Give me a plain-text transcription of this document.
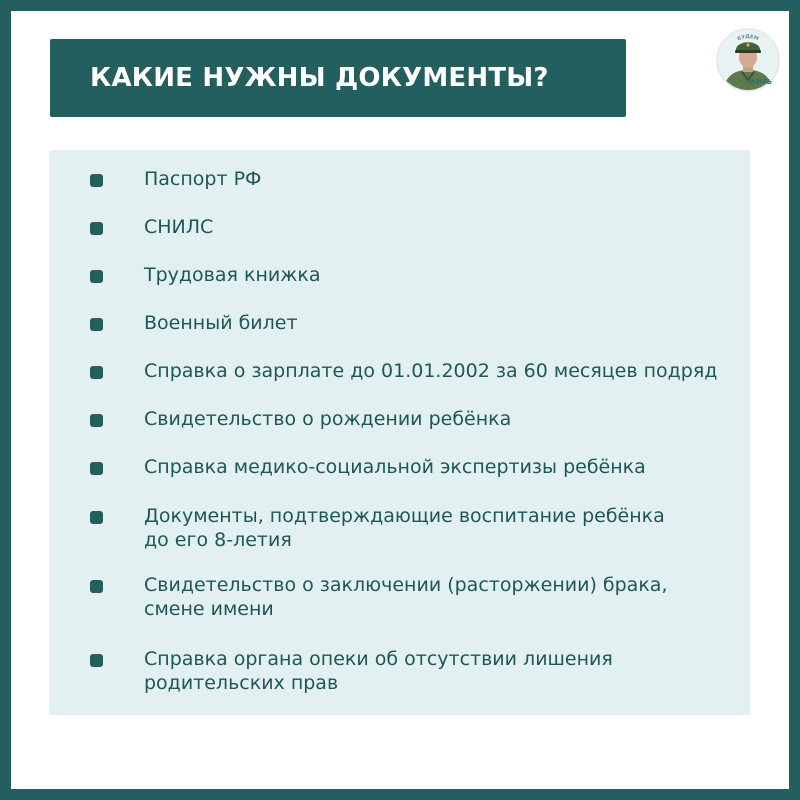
КАКИЕ НУЖНЫ ДОКУМЕНТЫ?
БУДЕМ
ЖИТЬ
Паспорт РФ
СНИЛС
Трудовая книжка
Военный билет
Справка о зарплате до 01.01.2002 за 60 месяцев подряд
Свидетельство о рождении ребёнка
Справка медико-социальной экспертизы ребёнка
Документы, подтверждающие воспитание ребёнка
до его 8-летия
Свидетельство о заключении (расторжении) брака,
смене имени
Справка органа опеки об отсутствии лишения
родительских прав
